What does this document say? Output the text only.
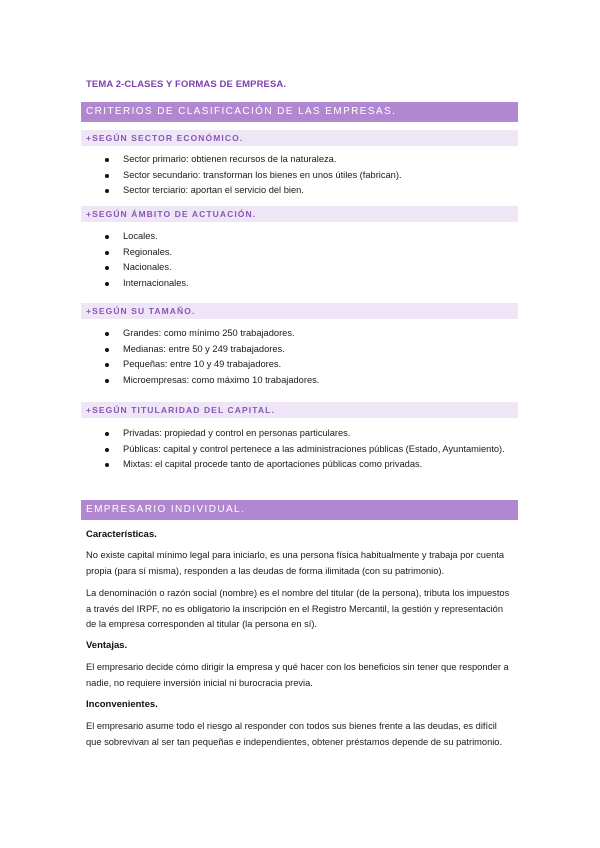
TEMA 2-CLASES Y FORMAS DE EMPRESA.
CRITERIOS DE CLASIFICACIÓN DE LAS EMPRESAS.
+SEGÚN SECTOR ECONÓMICO.
Sector primario: obtienen recursos de la naturaleza.
Sector secundario: transforman los bienes en unos útiles (fabrican).
Sector terciario: aportan el servicio del bien.
+SEGÚN ÁMBITO DE ACTUACIÓN.
Locales.
Regionales.
Nacionales.
Internacionales.
+SEGÚN SU TAMAÑO.
Grandes: como mínimo 250 trabajadores.
Medianas: entre 50 y 249 trabajadores.
Pequeñas: entre 10 y 49 trabajadores.
Microempresas: como máximo 10 trabajadores.
+SEGÚN TITULARIDAD DEL CAPITAL.
Privadas: propiedad y control en personas particulares.
Públicas: capital y control pertenece a las administraciones públicas (Estado, Ayuntamiento).
Mixtas: el capital procede tanto de aportaciones públicas como privadas.
EMPRESARIO INDIVIDUAL.
Características.
No existe capital mínimo legal para iniciarlo, es una persona física habitualmente y trabaja por cuenta propia (para sí misma), responden a las deudas de forma ilimitada (con su patrimonio).
La denominación o razón social (nombre) es el nombre del titular (de la persona), tributa los impuestos a través del IRPF, no es obligatorio la inscripción en el Registro Mercantil, la gestión y representación de la empresa corresponden al titular (la persona en sí).
Ventajas.
El empresario decide cómo dirigir la empresa y qué hacer con los beneficios sin tener que responder a nadie, no requiere inversión inicial ni burocracia previa.
Inconvenientes.
El empresario asume todo el riesgo al responder con todos sus bienes frente a las deudas, es difícil que sobrevivan al ser tan pequeñas e independientes, obtener préstamos depende de su patrimonio.
